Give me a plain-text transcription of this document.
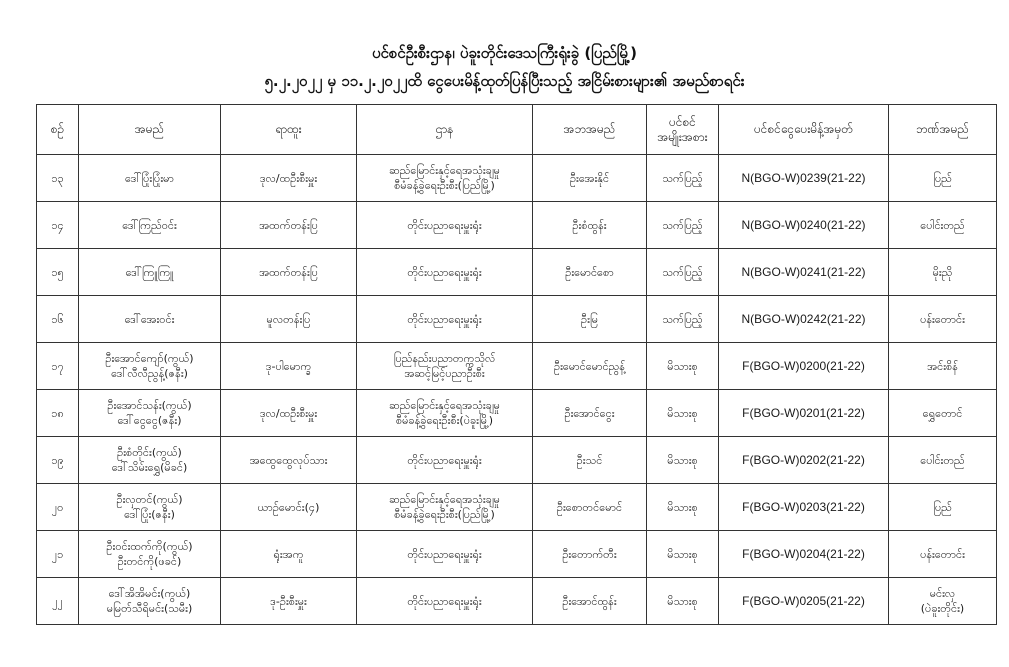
ပင်စင်ဦးစီးဌာန၊ ပဲခူးတိုင်းဒေသကြီးရုံးခွဲ (ပြည်မြို့)
၅.၂.၂၀၂၂ မှ ၁၁.၂.၂၀၂၂ထိ ငွေပေးမိန့်ထုတ်ပြန်ပြီးသည့် အငြိမ်းစားများ၏ အမည်စာရင်း
စဉ်	အမည်	ရာထူး	ဌာန	အဘအမည်	ပင်စင်
အမျိုးအစား	ပင်စင်ငွေပေးမိန့်အမှတ်	ဘဏ်အမည်
၁၃	ဒေါ်ပြုံးပြုံးမာ	ဒုလ/ထဦးစီးမှူး	ဆည်မြောင်းနှင့်ရေအသုံးချမှု
စီမံခန့်ခွဲရေးဦးစီး(ပြည်မြို့)	ဦးအေးနိုင်	သက်ပြည့်	N(BGO-W)0239(21-22)	ပြည်
၁၄	ဒေါ်ကြည်ဝင်း	အထက်တန်းပြ	တိုင်းပညာရေးမှူးရုံး	ဦးစံထွန်း	သက်ပြည့်	N(BGO-W)0240(21-22)	ပေါင်းတည်
၁၅	ဒေါ်ကြူကြူ	အထက်တန်းပြ	တိုင်းပညာရေးမှူးရုံး	ဦးမောင်စော	သက်ပြည့်	N(BGO-W)0241(21-22)	မိုးညို
၁၆	ဒေါ်အေးဝင်း	မူလတန်းပြ	တိုင်းပညာရေးမှူးရုံး	ဦးမြ	သက်ပြည့်	N(BGO-W)0242(21-22)	ပန်းတောင်း
၁၇	ဦးအောင်ကျော်(ကွယ်)
ဒေါ်လီလီညွန့်(ဇနီး)	ဒု-ပါမောက္ခ	ပြည်နည်းပညာတက္ကသိုလ်
အဆင့်မြင့်ပညာဦးစီး	ဦးမောင်မောင်ညွန့်	မိသားစု	F(BGO-W)0200(21-22)	အင်းစိန်
၁၈	ဦးအောင်သန်း(ကွယ်)
ဒေါ်ငွေငွေ(ဇနီး)	ဒုလ/ထဦးစီးမှူး	ဆည်မြောင်းနှင့်ရေအသုံးချမှု
စီမံခန့်ခွဲရေးဦးစီး(ပဲခူးမြို့)	ဦးအောင်ငွေး	မိသားစု	F(BGO-W)0201(21-22)	ရွှေတောင်
၁၉	ဦးစံတိုင်း(ကွယ်)
ဒေါ်သိမ်းရွှေ(မိခင်)	အထွေထွေလုပ်သား	တိုင်းပညာရေးမှူးရုံး	ဦးသင်	မိသားစု	F(BGO-W)0202(21-22)	ပေါင်းတည်
၂၀	ဦးလှတင်(ကွယ်)
ဒေါ်ပြုံး(ဇနီး)	ယာဉ်မောင်း(၄)	ဆည်မြောင်းနှင့်ရေအသုံးချမှု
စီမံခန့်ခွဲရေးဦးစီး(ပြည်မြို့)	ဦးစောတင်မောင်	မိသားစု	F(BGO-W)0203(21-22)	ပြည်
၂၁	ဦးဝင်းထက်ကို(ကွယ်)
ဦးတင်ကို(ဖခင်)	ရုံးအကူ	တိုင်းပညာရေးမှူးရုံး	ဦးတောက်တီး	မိသားစု	F(BGO-W)0204(21-22)	ပန်းတောင်း
၂၂	ဒေါ်အိအိမင်း(ကွယ်)
မမြတ်သီရိမင်း(သမီး)	ဒု-ဦးစီးမှူး	တိုင်းပညာရေးမှူးရုံး	ဦးအောင်ထွန်း	မိသားစု	F(BGO-W)0205(21-22)	မင်းလှ
(ပဲခူးတိုင်း)
